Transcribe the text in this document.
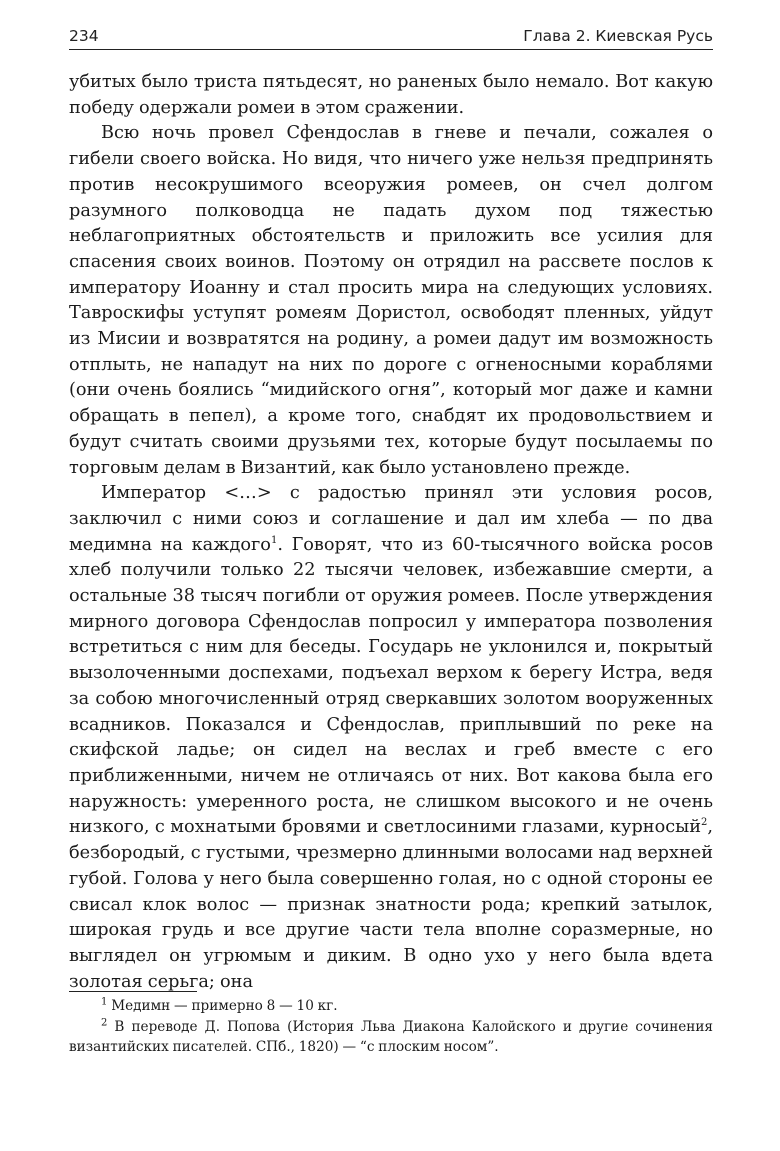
234	Глава 2. Киевская Русь

убитых было триста пятьдесят, но раненых было немало. Вот какую победу одержали ромеи в этом сражении.

Всю ночь провел Сфендослав в гневе и печали, сожалея о гибели своего войска. Но видя, что ничего уже нельзя предпринять против несокрушимого всеоружия ромеев, он счел долгом разумного полководца не падать духом под тяжестью неблагоприятных обстоятельств и приложить все усилия для спасения своих воинов. Поэтому он отрядил на рассвете послов к императору Иоанну и стал просить мира на следующих условиях. Тавроскифы уступят ромеям Дористол, освободят пленных, уйдут из Мисии и возвратятся на родину, а ромеи дадут им возможность отплыть, не нападут на них по дороге с огненосными кораблями (они очень боялись “мидийского огня”, который мог даже и камни обращать в пепел), а кроме того, снабдят их продовольствием и будут считать своими друзьями тех, которые будут посылаемы по торговым делам в Византий, как было установлено прежде.

Император <…> с радостью принял эти условия росов, заключил с ними союз и соглашение и дал им хлеба — по два медимна на каждого$^1$. Говорят, что из 60-тысячного войска росов хлеб получили только 22 тысячи человек, избежавшие смерти, а остальные 38 тысяч погибли от оружия ромеев. После утверждения мирного договора Сфендослав попросил у императора позволения встретиться с ним для беседы. Государь не уклонился и, покрытый вызолоченными доспехами, подъехал верхом к берегу Истра, ведя за собою многочисленный отряд сверкавших золотом вооруженных всадников. Показался и Сфендослав, приплывший по реке на скифской ладье; он сидел на веслах и греб вместе с его приближенными, ничем не отличаясь от них. Вот какова была его наружность: умеренного роста, не слишком высокого и не очень низкого, с мохнатыми бровями и светлосиними глазами, курносый$^2$, безбородый, с густыми, чрезмерно длинными волосами над верхней губой. Голова у него была совершенно голая, но с одной стороны ее свисал клок волос — признак знатности рода; крепкий затылок, широкая грудь и все другие части тела вполне соразмерные, но выглядел он угрюмым и диким. В одно ухо у него была вдета золотая серьга; она

$^1$ Медимн — примерно 8 — 10 кг.

$^2$ В переводе Д. Попова (История Льва Диакона Калойского и другие сочинения византийских писателей. СПб., 1820) — “с плоским носом”.
